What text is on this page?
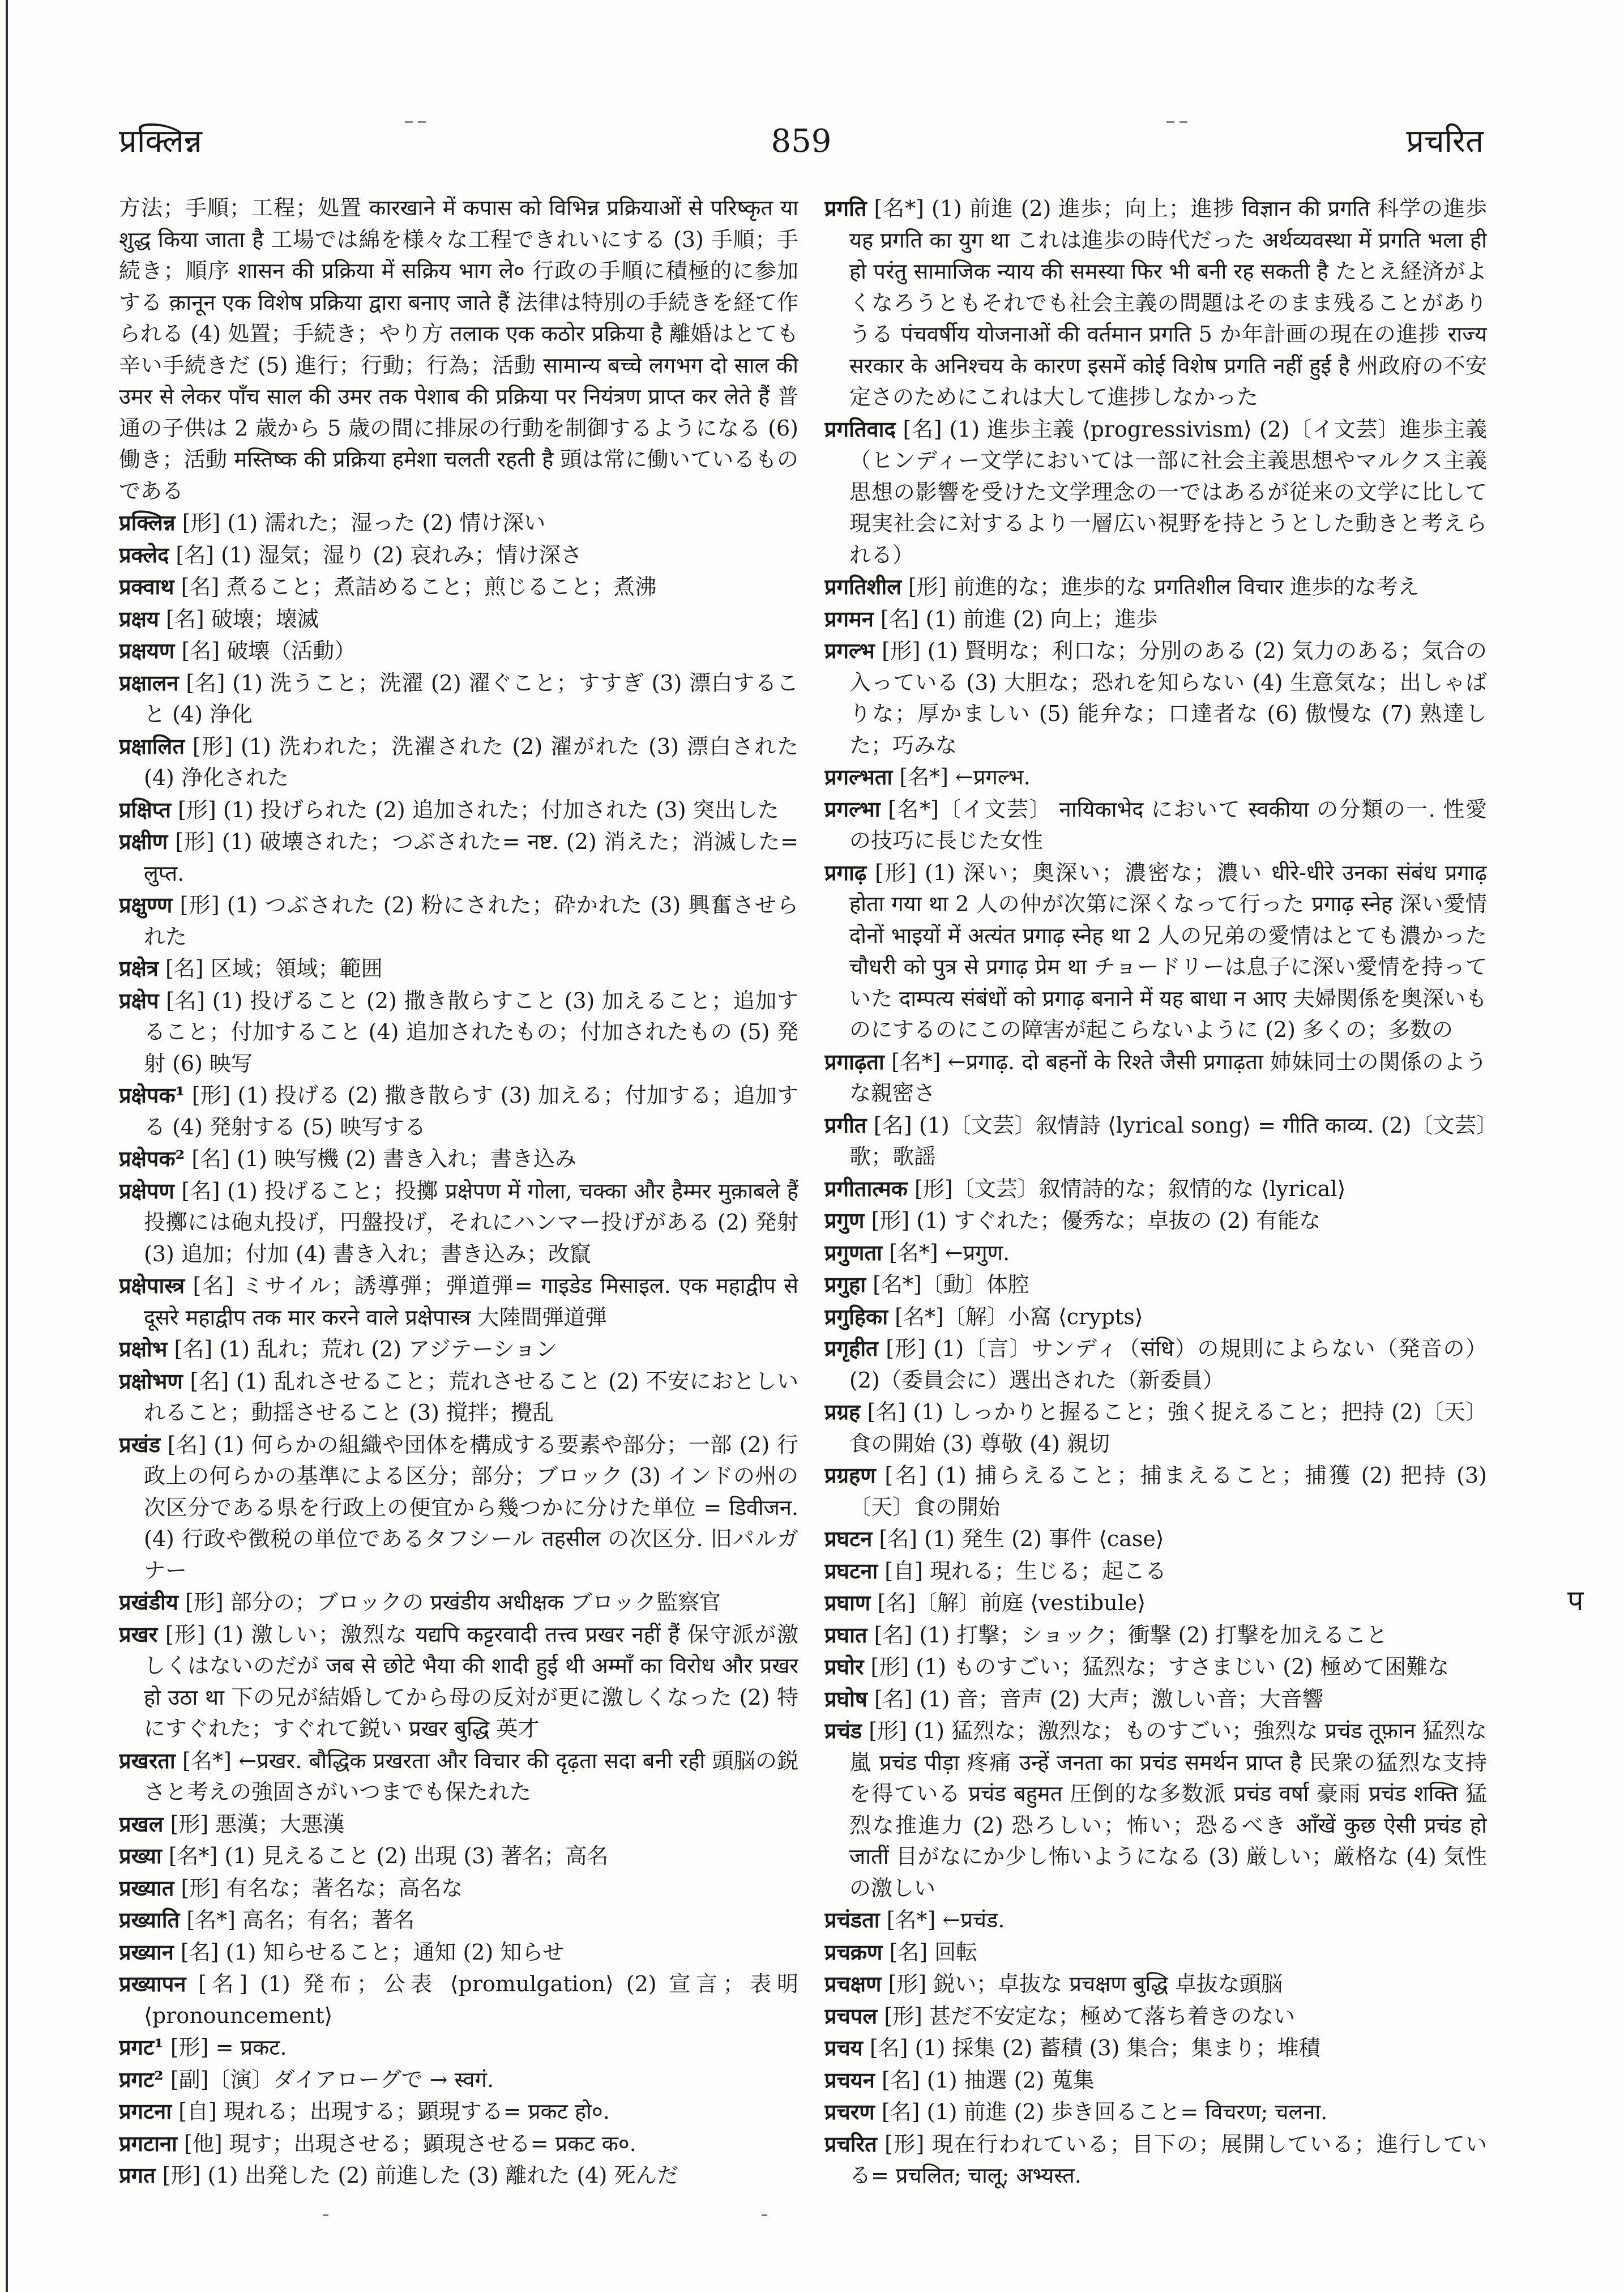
प्रक्लिन्न	859	प्रचरित

方法；手順；工程；処置 कारखाने में कपास को विभिन्न प्रक्रियाओं से परिष्कृत या शुद्ध किया जाता है 工場では綿を様々な工程できれいにする (3) 手順；手続き；順序 शासन की प्रक्रिया में सक्रिय भाग ले० 行政の手順に積極的に参加する क़ानून एक विशेष प्रक्रिया द्वारा बनाए जाते हैं 法律は特別の手続きを経て作られる (4) 処置；手続き；やり方 तलाक एक कठोर प्रक्रिया है 離婚はとても辛い手続きだ (5) 進行；行動；行為；活動 सामान्य बच्चे लगभग दो साल की उमर से लेकर पाँच साल की उमर तक पेशाब की प्रक्रिया पर नियंत्रण प्राप्त कर लेते हैं 普通の子供は 2 歳から 5 歳の間に排尿の行動を制御するようになる (6) 働き；活動 मस्तिष्क की प्रक्रिया हमेशा चलती रहती है 頭は常に働いているものである

प्रक्लिन्न [形] (1) 濡れた；湿った (2) 情け深い

प्रक्लेद [名] (1) 湿気；湿り (2) 哀れみ；情け深さ

प्रक्वाथ [名] 煮ること；煮詰めること；煎じること；煮沸

प्रक्षय [名] 破壊；壊滅

प्रक्षयण [名] 破壊（活動）

प्रक्षालन [名] (1) 洗うこと；洗濯 (2) 濯ぐこと；すすぎ (3) 漂白すること (4) 浄化

प्रक्षालित [形] (1) 洗われた；洗濯された (2) 濯がれた (3) 漂白された (4) 浄化された

प्रक्षिप्त [形] (1) 投げられた (2) 追加された；付加された (3) 突出した

प्रक्षीण [形] (1) 破壊された；つぶされた= नष्ट. (2) 消えた；消滅した= लुप्त.

प्रक्षुण्ण [形] (1) つぶされた (2) 粉にされた；砕かれた (3) 興奮させられた

प्रक्षेत्र [名] 区域；領域；範囲

प्रक्षेप [名] (1) 投げること (2) 撒き散らすこと (3) 加えること；追加すること；付加すること (4) 追加されたもの；付加されたもの (5) 発射 (6) 映写

प्रक्षेपक¹ [形] (1) 投げる (2) 撒き散らす (3) 加える；付加する；追加する (4) 発射する (5) 映写する

प्रक्षेपक² [名] (1) 映写機 (2) 書き入れ；書き込み

प्रक्षेपण [名] (1) 投げること；投擲 प्रक्षेपण में गोला, चक्का और हैम्मर मुक़ाबले हैं 投擲には砲丸投げ，円盤投げ，それにハンマー投げがある (2) 発射 (3) 追加；付加 (4) 書き入れ；書き込み；改竄

प्रक्षेपास्त्र [名] ミサイル；誘導弾；弾道弾= गाइडेड मिसाइल. एक महाद्वीप से दूसरे महाद्वीप तक मार करने वाले प्रक्षेपास्त्र 大陸間弾道弾

प्रक्षोभ [名] (1) 乱れ；荒れ (2) アジテーション

प्रक्षोभण [名] (1) 乱れさせること；荒れさせること (2) 不安におとしいれること；動揺させること (3) 撹拌；攪乱

प्रखंड [名] (1) 何らかの組織や団体を構成する要素や部分；一部 (2) 行政上の何らかの基準による区分；部分；ブロック (3) インドの州の次区分である県を行政上の便宜から幾つかに分けた単位 = डिवीजन. (4) 行政や徴税の単位であるタフシール तहसील の次区分. 旧パルガナー

प्रखंडीय [形] 部分の；ブロックの प्रखंडीय अधीक्षक ブロック監察官

प्रखर [形] (1) 激しい；激烈な यद्यपि कट्टरवादी तत्त्व प्रखर नहीं हैं 保守派が激しくはないのだが जब से छोटे भैया की शादी हुई थी अम्माँ का विरोध और प्रखर हो उठा था 下の兄が結婚してから母の反対が更に激しくなった (2) 特にすぐれた；すぐれて鋭い प्रखर बुद्धि 英才

प्रखरता [名*] ←प्रखर. बौद्धिक प्रखरता और विचार की दृढ़ता सदा बनी रही 頭脳の鋭さと考えの強固さがいつまでも保たれた

प्रखल [形] 悪漢；大悪漢

प्रख्या [名*] (1) 見えること (2) 出現 (3) 著名；高名

प्रख्यात [形] 有名な；著名な；高名な

प्रख्याति [名*] 高名；有名；著名

प्रख्यान [名] (1) 知らせること；通知 (2) 知らせ

प्रख्यापन [名] (1) 発布；公表 ⟨promulgation⟩ (2) 宣言；表明 ⟨pronouncement⟩

प्रगट¹ [形] = प्रकट.

प्रगट² [副]〔演〕ダイアローグで → स्वगं.

प्रगटना [自] 現れる；出現する；顕現する= प्रकट हो०.

प्रगटाना [他] 現す；出現させる；顕現させる= प्रकट क०.

प्रगत [形] (1) 出発した (2) 前進した (3) 離れた (4) 死んだ

प्रगति [名*] (1) 前進 (2) 進歩；向上；進捗 विज्ञान की प्रगति 科学の進歩 यह प्रगति का युग था これは進歩の時代だった अर्थव्यवस्था में प्रगति भला ही हो परंतु सामाजिक न्याय की समस्या फिर भी बनी रह सकती है たとえ経済がよくなろうともそれでも社会主義の問題はそのまま残ることがありうる पंचवर्षीय योजनाओं की वर्तमान प्रगति 5 か年計画の現在の進捗 राज्य सरकार के अनिश्चय के कारण इसमें कोई विशेष प्रगति नहीं हुई है 州政府の不安定さのためにこれは大して進捗しなかった

प्रगतिवाद [名] (1) 進歩主義 ⟨progressivism⟩ (2)〔イ文芸〕進歩主義（ヒンディー文学においては一部に社会主義思想やマルクス主義思想の影響を受けた文学理念の一ではあるが従来の文学に比して現実社会に対するより一層広い視野を持とうとした動きと考えられる）

प्रगतिशील [形] 前進的な；進歩的な प्रगतिशील विचार 進歩的な考え

प्रगमन [名] (1) 前進 (2) 向上；進歩

प्रगल्भ [形] (1) 賢明な；利口な；分別のある (2) 気力のある；気合の入っている (3) 大胆な；恐れを知らない (4) 生意気な；出しゃばりな；厚かましい (5) 能弁な；口達者な (6) 傲慢な (7) 熟達した；巧みな

प्रगल्भता [名*] ←प्रगल्भ.

प्रगल्भा [名*]〔イ文芸〕 नायिकाभेद において स्वकीया の分類の一. 性愛の技巧に長じた女性

प्रगाढ़ [形] (1) 深い；奥深い；濃密な；濃い धीरे-धीरे उनका संबंध प्रगाढ़ होता गया था 2 人の仲が次第に深くなって行った प्रगाढ़ स्नेह 深い愛情 दोनों भाइयों में अत्यंत प्रगाढ़ स्नेह था 2 人の兄弟の愛情はとても濃かった चौधरी को पुत्र से प्रगाढ़ प्रेम था チョードリーは息子に深い愛情を持っていた दाम्पत्य संबंधों को प्रगाढ़ बनाने में यह बाधा न आए 夫婦関係を奥深いものにするのにこの障害が起こらないように (2) 多くの；多数の

प्रगाढ़ता [名*] ←प्रगाढ़. दो बहनों के रिश्ते जैसी प्रगाढ़ता 姉妹同士の関係のような親密さ

प्रगीत [名] (1)〔文芸〕叙情詩 ⟨lyrical song⟩ = गीति काव्य. (2)〔文芸〕歌；歌謡

प्रगीतात्मक [形]〔文芸〕叙情詩的な；叙情的な ⟨lyrical⟩

प्रगुण [形] (1) すぐれた；優秀な；卓抜の (2) 有能な

प्रगुणता [名*] ←प्रगुण.

प्रगुहा [名*]〔動〕体腔

प्रगुहिका [名*]〔解〕小窩 ⟨crypts⟩

प्रगृहीत [形] (1)〔言〕サンディ（संधि）の規則によらない（発音の） (2)（委員会に）選出された（新委員）

प्रग्रह [名] (1) しっかりと握ること；強く捉えること；把持 (2)〔天〕食の開始 (3) 尊敬 (4) 親切

प्रग्रहण [名] (1) 捕らえること；捕まえること；捕獲 (2) 把持 (3)〔天〕食の開始

प्रघटन [名] (1) 発生 (2) 事件 ⟨case⟩

प्रघटना [自] 現れる；生じる；起こる

प्रघाण [名]〔解〕前庭 ⟨vestibule⟩

प्रघात [名] (1) 打撃；ショック；衝撃 (2) 打撃を加えること

प्रघोर [形] (1) ものすごい；猛烈な；すさまじい (2) 極めて困難な

प्रघोष [名] (1) 音；音声 (2) 大声；激しい音；大音響

प्रचंड [形] (1) 猛烈な；激烈な；ものすごい；強烈な प्रचंड तूफ़ान 猛烈な嵐 प्रचंड पीड़ा 疼痛 उन्हें जनता का प्रचंड समर्थन प्राप्त है 民衆の猛烈な支持を得ている प्रचंड बहुमत 圧倒的な多数派 प्रचंड वर्षा 豪雨 प्रचंड शक्ति 猛烈な推進力 (2) 恐ろしい；怖い；恐るべき आँखें कुछ ऐसी प्रचंड हो जातीं 目がなにか少し怖いようになる (3) 厳しい；厳格な (4) 気性の激しい

प्रचंडता [名*] ←प्रचंड.

प्रचक्रण [名] 回転

प्रचक्षण [形] 鋭い；卓抜な प्रचक्षण बुद्धि 卓抜な頭脳

प्रचपल [形] 甚だ不安定な；極めて落ち着きのない

प्रचय [名] (1) 採集 (2) 蓄積 (3) 集合；集まり；堆積

प्रचयन [名] (1) 抽選 (2) 蒐集

प्रचरण [名] (1) 前進 (2) 歩き回ること= विचरण; चलना.

प्रचरित [形] 現在行われている；目下の；展開している；進行している= प्रचलित; चालू; अभ्यस्त.

प
